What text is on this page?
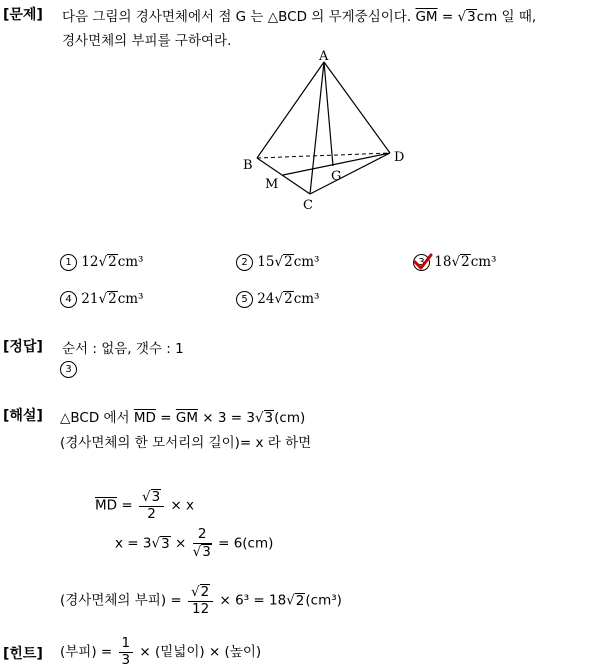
[문제] 다음 그림의 경사면체에서 점 G 는 △BCD 의 무게중심이다. $\overline{GM} = √3cm$ 일 때,
경사면체의 부피를 구하여라.
A
B
C
D
G
M
1 12√2cm³	2 15√2cm³	3 18√2cm³
4 21√2cm³	5 24√2cm³
[정답] 순서 : 없음, 갯수 : 1
3
[해설] △BCD 에서 $\overline{MD} = \overline{GM} \times 3 = 3√3(cm)$
(경사면체의 한 모서리의 길이)= x 라 하면
$\overline{MD} = \frac{√3}{2} \times x$
$x = 3√3 \times \frac{2}{√3} = 6(cm)$
(경사면체의 부피) = $\frac{√2}{12} \times 6^3 = 18√2(cm^3)$
[힌트] (부피) = $\frac{1}{3}$ × (밑넓이) × (높이)
